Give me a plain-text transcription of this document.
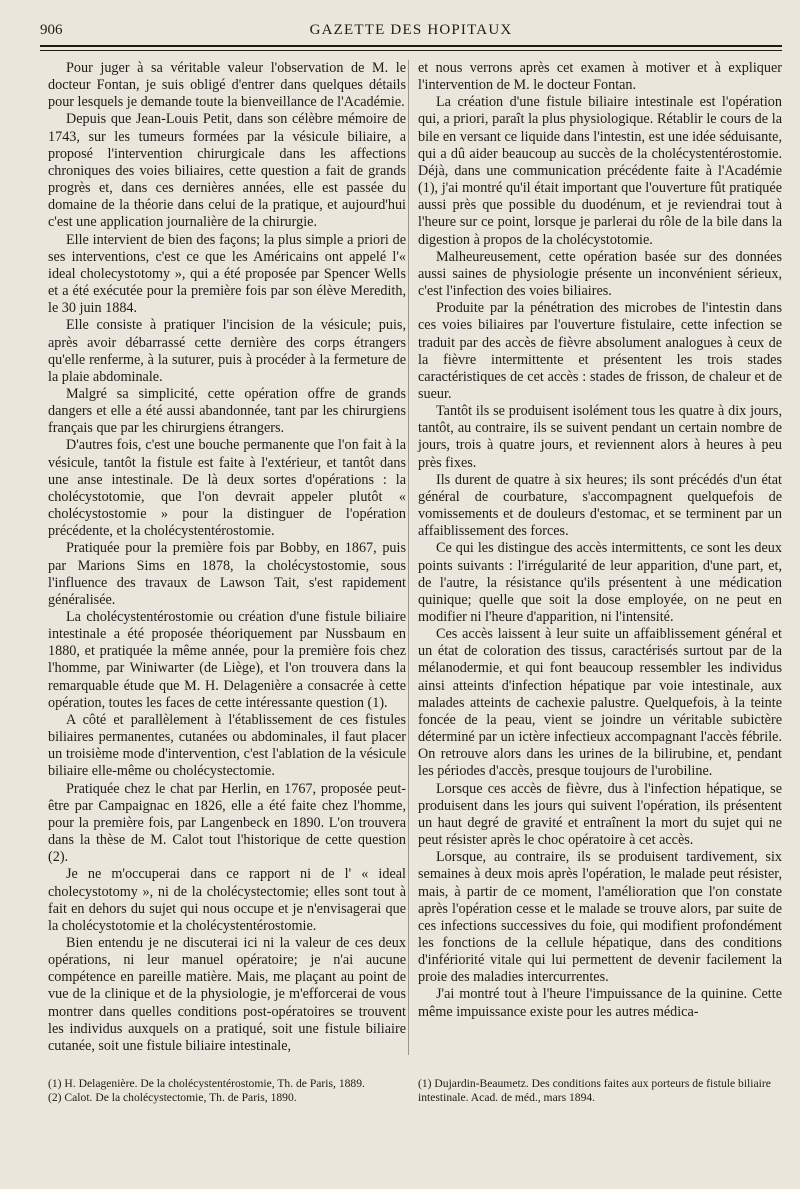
906	GAZETTE DES HOPITAUX

Pour juger à sa véritable valeur l'observation de M. le docteur Fontan, je suis obligé d'entrer dans quelques détails pour lesquels je demande toute la bienveillance de l'Académie.

Depuis que Jean-Louis Petit, dans son célèbre mémoire de 1743, sur les tumeurs formées par la vésicule biliaire, a proposé l'intervention chirurgicale dans les affections chroniques des voies biliaires, cette question a fait de grands progrès et, dans ces dernières années, elle est passée du domaine de la théorie dans celui de la pratique, et aujourd'hui c'est une application journalière de la chirurgie.

Elle intervient de bien des façons; la plus simple a priori de ses interventions, c'est ce que les Américains ont appelé l'« ideal cholecystotomy », qui a été proposée par Spencer Wells et a été exécutée pour la première fois par son élève Meredith, le 30 juin 1884.

Elle consiste à pratiquer l'incision de la vésicule; puis, après avoir débarrassé cette dernière des corps étrangers qu'elle renferme, à la suturer, puis à procéder à la fermeture de la plaie abdominale.

Malgré sa simplicité, cette opération offre de grands dangers et elle a été aussi abandonnée, tant par les chirurgiens français que par les chirurgiens étrangers.

D'autres fois, c'est une bouche permanente que l'on fait à la vésicule, tantôt la fistule est faite à l'extérieur, et tantôt dans une anse intestinale. De là deux sortes d'opérations : la cholécystotomie, que l'on devrait appeler plutôt « cholécystostomie » pour la distinguer de l'opération précédente, et la cholécystentérostomie.

Pratiquée pour la première fois par Bobby, en 1867, puis par Marions Sims en 1878, la cholécystostomie, sous l'influence des travaux de Lawson Tait, s'est rapidement généralisée.

La cholécystentérostomie ou création d'une fistule biliaire intestinale a été proposée théoriquement par Nussbaum en 1880, et pratiquée la même année, pour la première fois chez l'homme, par Winiwarter (de Liège), et l'on trouvera dans la remarquable étude que M. H. Delagenière a consacrée à cette opération, toutes les faces de cette intéressante question (1).

A côté et parallèlement à l'établissement de ces fistules biliaires permanentes, cutanées ou abdominales, il faut placer un troisième mode d'intervention, c'est l'ablation de la vésicule biliaire elle-même ou cholécystectomie.

Pratiquée chez le chat par Herlin, en 1767, proposée peut-être par Campaignac en 1826, elle a été faite chez l'homme, pour la première fois, par Langenbeck en 1890. L'on trouvera dans la thèse de M. Calot tout l'historique de cette question (2).

Je ne m'occuperai dans ce rapport ni de l' « ideal cholecystotomy », ni de la cholécystectomie; elles sont tout à fait en dehors du sujet qui nous occupe et je n'envisagerai que la cholécystotomie et la cholécystentérostomie.

Bien entendu je ne discuterai ici ni la valeur de ces deux opérations, ni leur manuel opératoire; je n'ai aucune compétence en pareille matière. Mais, me plaçant au point de vue de la clinique et de la physiologie, je m'efforcerai de vous montrer dans quelles conditions post-opératoires se trouvent les individus auxquels on a pratiqué, soit une fistule biliaire cutanée, soit une fistule biliaire intestinale,

et nous verrons après cet examen à motiver et à expliquer l'intervention de M. le docteur Fontan.

La création d'une fistule biliaire intestinale est l'opération qui, a priori, paraît la plus physiologique. Rétablir le cours de la bile en versant ce liquide dans l'intestin, est une idée séduisante, qui a dû aider beaucoup au succès de la cholécystentérostomie. Déjà, dans une communication précédente faite à l'Académie (1), j'ai montré qu'il était important que l'ouverture fût pratiquée aussi près que possible du duodénum, et je reviendrai tout à l'heure sur ce point, lorsque je parlerai du rôle de la bile dans la digestion à propos de la cholécystotomie.

Malheureusement, cette opération basée sur des données aussi saines de physiologie présente un inconvénient sérieux, c'est l'infection des voies biliaires.

Produite par la pénétration des microbes de l'intestin dans ces voies biliaires par l'ouverture fistulaire, cette infection se traduit par des accès de fièvre absolument analogues à ceux de la fièvre intermittente et présentent les trois stades caractéristiques de cet accès : stades de frisson, de chaleur et de sueur.

Tantôt ils se produisent isolément tous les quatre à dix jours, tantôt, au contraire, ils se suivent pendant un certain nombre de jours, trois à quatre jours, et reviennent alors à heures à peu près fixes.

Ils durent de quatre à six heures; ils sont précédés d'un état général de courbature, s'accompagnent quelquefois de vomissements et de douleurs d'estomac, et se terminent par un affaiblissement des forces.

Ce qui les distingue des accès intermittents, ce sont les deux points suivants : l'irrégularité de leur apparition, d'une part, et, de l'autre, la résistance qu'ils présentent à une médication quinique; quelle que soit la dose employée, on ne peut en modifier ni l'heure d'apparition, ni l'intensité.

Ces accès laissent à leur suite un affaiblissement général et un état de coloration des tissus, caractérisés surtout par de la mélanodermie, et qui font beaucoup ressembler les individus ainsi atteints d'infection hépatique par voie intestinale, aux malades atteints de cachexie palustre. Quelquefois, à la teinte foncée de la peau, vient se joindre un véritable subictère déterminé par un ictère infectieux accompagnant l'accès fébrile. On retrouve alors dans les urines de la bilirubine, et, pendant les périodes d'accès, presque toujours de l'urobiline.

Lorsque ces accès de fièvre, dus à l'infection hépatique, se produisent dans les jours qui suivent l'opération, ils présentent un haut degré de gravité et entraînent la mort du sujet qui ne peut résister après le choc opératoire à cet accès.

Lorsque, au contraire, ils se produisent tardivement, six semaines à deux mois après l'opération, le malade peut résister, mais, à partir de ce moment, l'amélioration que l'on constate après l'opération cesse et le malade se trouve alors, par suite de ces infections successives du foie, qui modifient profondément les fonctions de la cellule hépatique, dans des conditions d'infériorité vitale qui lui permettent de devenir facilement la proie des maladies intercurrentes.

J'ai montré tout à l'heure l'impuissance de la quinine. Cette même impuissance existe pour les autres médica-

(1) H. Delagenière. De la cholécystentérostomie, Th. de Paris, 1889.
(2) Calot. De la cholécystectomie, Th. de Paris, 1890.
(1) Dujardin-Beaumetz. Des conditions faites aux porteurs de fistule biliaire intestinale. Acad. de méd., mars 1894.
